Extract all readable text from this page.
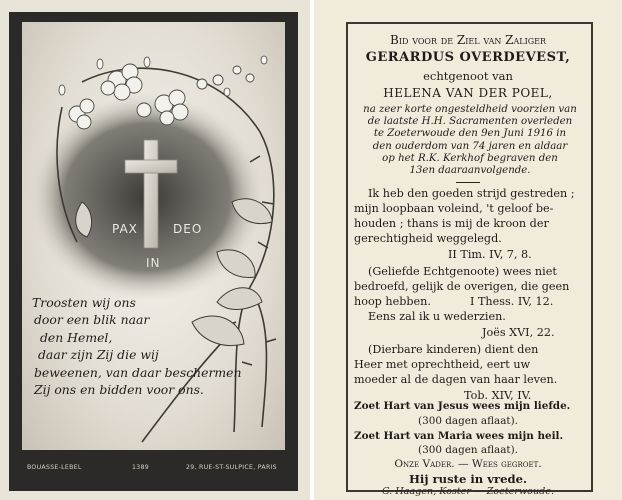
PAX	DEO
IN
Troosten wij ons
door een blik naar
den Hemel,
daar zijn Zij die wij
beweenen, van daar beschermen
Zij ons en bidden voor ons.
BOUASSE-LEBEL	1389	29, RUE-ST-SULPICE, PARIS
Bid voor de Ziel van Zaliger
GERARDUS OVERDEVEST,
echtgenoot van
HELENA VAN DER POEL,
na zeer korte ongesteldheid voorzien van
de laatste H.H. Sacramenten overleden
te Zoeterwoude den 9en Juni 1916 in
den ouderdom van 74 jaren en aldaar
op het R.K. Kerkhof begraven den
13en daaraanvolgende.
Ik heb den goeden strijd gestreden ;
mijn loopbaan voleind, 't geloof be-
houden ; thans is mij de kroon der
gerechtigheid weggelegd.
II Tim. IV, 7, 8.
(Geliefde Echtgenoote) wees niet
bedroefd, gelijk de overigen, die geen
hoop hebben.	I Thess. IV, 12.
Eens zal ik u wederzien.
Joës XVI, 22.
(Dierbare kinderen) dient den
Heer met oprechtheid, eert uw
moeder al de dagen van haar leven.
Tob. XIV, IV.
Zoet Hart van Jesus wees mijn liefde.
(300 dagen aflaat).
Zoet Hart van Maria wees mijn heil.
(300 dagen aflaat).
Onze Vader. — Wees gegroet.
Hij ruste in vrede.
G. Haagen, Koster — Zoeterwoude.
